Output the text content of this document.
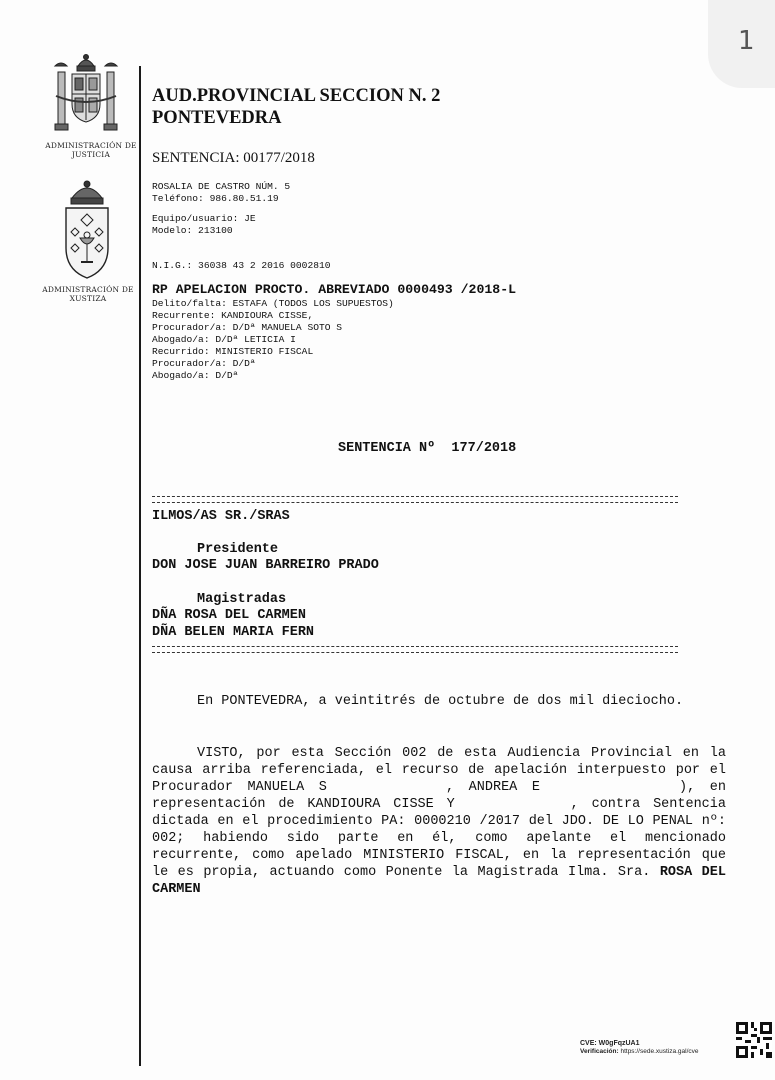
1
ADMINISTRACIÓN DE JUSTICIA
ADMINISTRACIÓN DE XUSTIZA
AUD.PROVINCIAL SECCION N. 2
PONTEVEDRA
SENTENCIA: 00177/2018
ROSALIA DE CASTRO NÚM. 5
Teléfono: 986.80.51.19
Equipo/usuario: JE
Modelo: 213100
N.I.G.: 36038 43 2 2016 0002810
RP APELACION PROCTO. ABREVIADO 0000493 /2018-L
Delito/falta: ESTAFA (TODOS LOS SUPUESTOS)
Recurrente: KANDIOURA CISSE,
Procurador/a: D/Dª MANUELA SOTO S
Abogado/a: D/Dª LETICIA I
Recurrido: MINISTERIO FISCAL
Procurador/a: D/Dª
Abogado/a: D/Dª
SENTENCIA Nº  177/2018
ILMOS/AS SR./SRAS
Presidente
DON JOSE JUAN BARREIRO PRADO
Magistradas
DÑA ROSA DEL CARMEN
DÑA BELEN MARIA FERN
En PONTEVEDRA, a veintitrés de octubre de dos mil dieciocho.
VISTO, por esta Sección 002 de esta Audiencia Provincial en la causa arriba referenciada, el recurso de apelación interpuesto por el Procurador MANUELA S	, ANDREA E	), en representación de KANDIOURA CISSE Y	, contra Sentencia dictada en el procedimiento PA: 0000210 /2017 del JDO. DE LO PENAL nº: 002; habiendo sido parte en él, como apelante el mencionado recurrente, como apelado MINISTERIO FISCAL, en la representación que le es propia, actuando como Ponente la Magistrada Ilma. Sra. ROSA DEL CARMEN
CVE: W0gFqzUA1
Verificación: https://sede.xustiza.gal/cve
